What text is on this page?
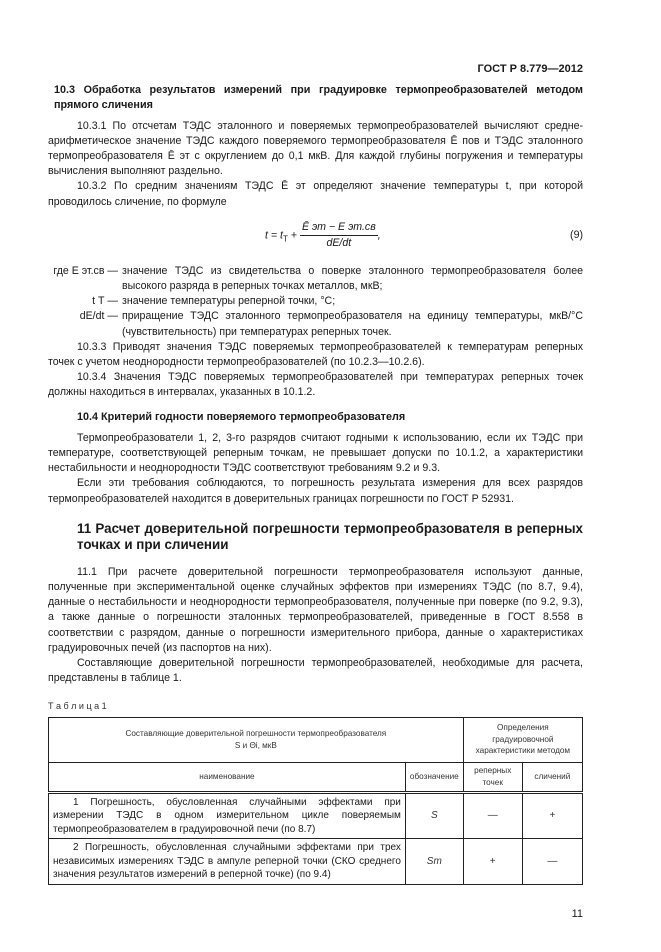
ГОСТ Р 8.779—2012

10.3 Обработка результатов измерений при градуировке термопреобразователей методом прямого сличения

10.3.1 По отсчетам ТЭДС эталонного и поверяемых термопреобразователей вычисляют средне-арифметическое значение ТЭДС каждого поверяемого термопреобразователя Ē пов и ТЭДС эталонного термопреобразователя Ē эт с округлением до 0,1 мкВ. Для каждой глубины погружения и температуры вычисления выполняют раздельно.

10.3.2 По средним значениям ТЭДС Ē эт определяют значение температуры t, при которой проводилось сличение, по формуле

$t = t_Т + \frac{\text{Ē эт − E эт.св}}{dE/dt}$ ,	(9)
где E эт.св — значение ТЭДС из свидетельства о поверке эталонного термопреобразователя более высокого разряда в реперных точках металлов, мкВ;
t Т — значение температуры реперной точки, °С;
dE/dt — приращение ТЭДС эталонного термопреобразователя на единицу температуры, мкВ/°С (чувствительность) при температурах реперных точек.

10.3.3 Приводят значения ТЭДС поверяемых термопреобразователей к температурам реперных точек с учетом неоднородности термопреобразователей (по 10.2.3—10.2.6).

10.3.4 Значения ТЭДС поверяемых термопреобразователей при температурах реперных точек должны находиться в интервалах, указанных в 10.1.2.

10.4 Критерий годности поверяемого термопреобразователя

Термопреобразователи 1, 2, 3-го разрядов считают годными к использованию, если их ТЭДС при температуре, соответствующей реперным точкам, не превышает допуски по 10.1.2, а характеристики нестабильности и неоднородности ТЭДС соответствуют требованиям 9.2 и 9.3.

Если эти требования соблюдаются, то погрешность результата измерения для всех разрядов термопреобразователей находится в доверительных границах погрешности по ГОСТ Р 52931.

11 Расчет доверительной погрешности термопреобразователя в реперных точках и при сличении

11.1 При расчете доверительной погрешности термопреобразователя используют данные, полученные при экспериментальной оценке случайных эффектов при измерениях ТЭДС (по 8.7, 9.4), данные о нестабильности и неоднородности термопреобразователя, полученные при поверке (по 9.2, 9.3), а также данные о погрешности эталонных термопреобразователей, приведенные в ГОСТ 8.558 в соответствии с разрядом, данные о погрешности измерительного прибора, данные о характеристиках градуировочных печей (из паспортов на них).

Составляющие доверительной погрешности термопреобразователей, необходимые для расчета, представлены в таблице 1.

Т а б л и ц а 1
Составляющие доверительной погрешности термопреобразователя
S и Θi, мкВ		Определения градуировочной характеристики методом	
наименование	обозначение	реперных точек	сличений
1 Погрешность, обусловленная случайными эффектами при измерении ТЭДС в одном измерительном цикле поверяемым термопреобразователем в градуировочной печи (по 8.7)	S	—	+
2 Погрешность, обусловленная случайными эффектами при трех независимых измерениях ТЭДС в ампуле реперной точки (СКО среднего значения результатов измерений в реперной точке) (по 9.4)	Sт	+	—
11
